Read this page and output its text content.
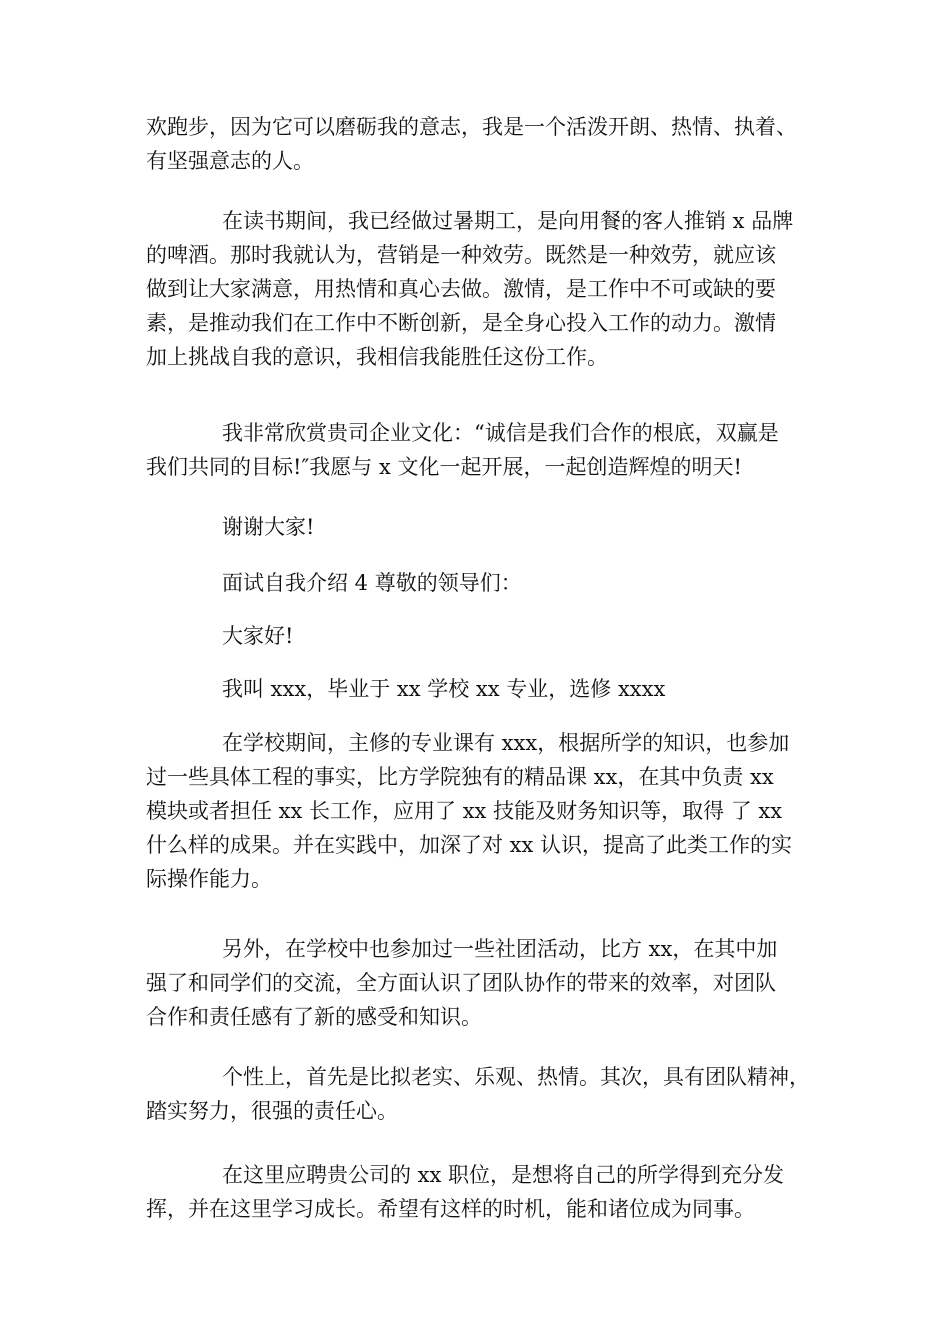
欢跑步，因为它可以磨砺我的意志，我是一个活泼开朗、热情、执着、
有坚强意志的人。

在读书期间，我已经做过暑期工，是向用餐的客人推销 x 品牌
的啤酒。那时我就认为，营销是一种效劳。既然是一种效劳，就应该
做到让大家满意，用热情和真心去做。激情，是工作中不可或缺的要
素，是推动我们在工作中不断创新，是全身心投入工作的动力。激情
加上挑战自我的意识，我相信我能胜任这份工作。

我非常欣赏贵司企业文化：“诚信是我们合作的根底，双赢是
我们共同的目标!″我愿与 x 文化一起开展，一起创造辉煌的明天!

谢谢大家!

面试自我介绍 4 尊敬的领导们：

大家好!

我叫 xxx，毕业于 xx 学校 xx 专业，选修 xxxx

在学校期间，主修的专业课有 xxx，根据所学的知识，也参加
过一些具体工程的事实，比方学院独有的精品课 xx，在其中负责 xx
模块或者担任 xx 长工作，应用了 xx 技能及财务知识等，取得 了 xx
什么样的成果。并在实践中，加深了对 xx 认识，提高了此类工作的实
际操作能力。

另外，在学校中也参加过一些社团活动，比方 xx，在其中加
强了和同学们的交流，全方面认识了团队协作的带来的效率，对团队
合作和责任感有了新的感受和知识。

个性上，首先是比拟老实、乐观、热情。其次，具有团队精神，
踏实努力，很强的责任心。

在这里应聘贵公司的 xx 职位，是想将自己的所学得到充分发
挥，并在这里学习成长。希望有这样的时机，能和诸位成为同事。
